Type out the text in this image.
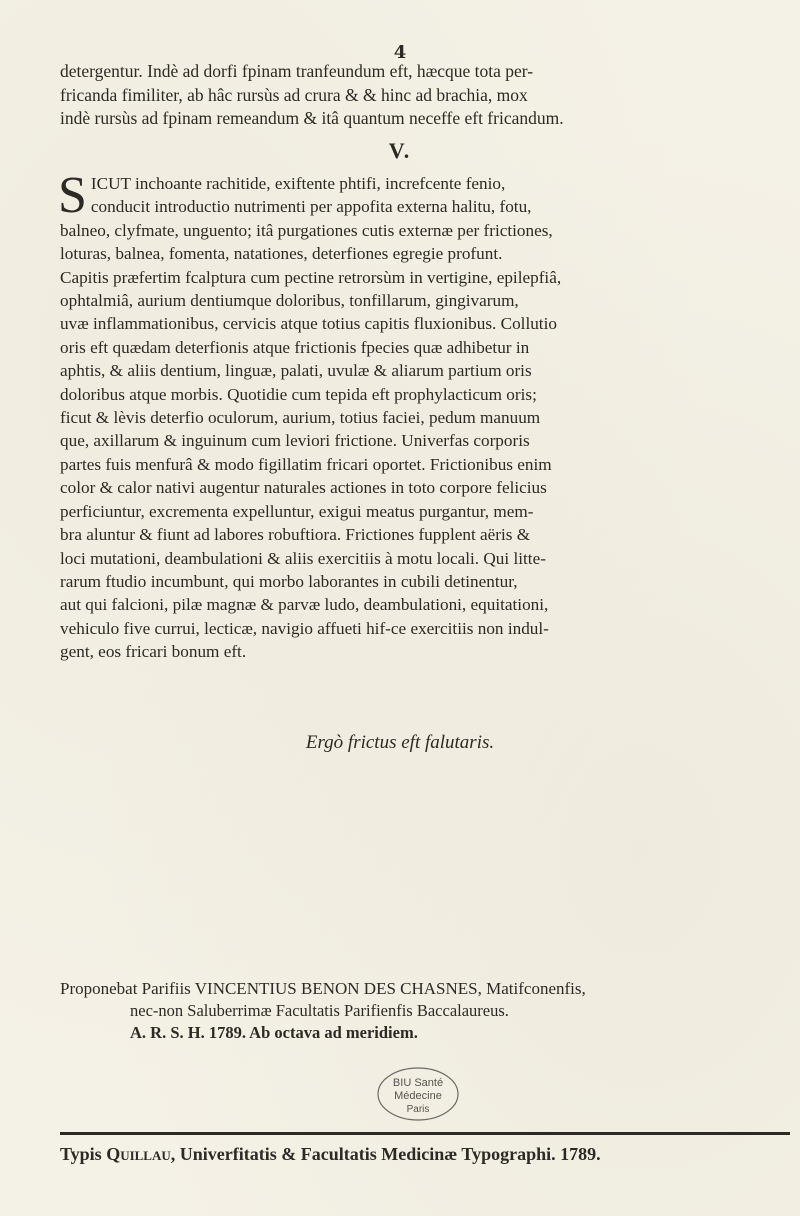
4
detergentur. Indè ad dorfi fpinam tranfeundum eft, hæcque tota per-
fricanda fimiliter, ab hâc rursùs ad crura & & hinc ad brachia, mox
indè rursùs ad fpinam remeandum & itâ quantum neceffe eft fricandum.
V.
S ICUT inchoante rachitide, exiftente phtifi, increfcente fenio,
conducit introductio nutrimenti per appofita externa halitu, fotu,
balneo, clyfmate, unguento; itâ purgationes cutis externæ per frictiones,
loturas, balnea, fomenta, natationes, deterfiones egregie profunt.
Capitis præfertim fcalptura cum pectine retrorsùm in vertigine, epilepfiâ,
ophtalmiâ, aurium dentiumque doloribus, tonfillarum, gingivarum,
uvæ inflammationibus, cervicis atque totius capitis fluxionibus. Collutio
oris eft quædam deterfionis atque frictionis fpecies quæ adhibetur in
aphtis, & aliis dentium, linguæ, palati, uvulæ & aliarum partium oris
doloribus atque morbis. Quotidie cum tepida eft prophylacticum oris;
ficut & lèvis deterfio oculorum, aurium, totius faciei, pedum manuum
que, axillarum & inguinum cum leviori frictione. Univerfas corporis
partes fuis menfurâ & modo figillatim fricari oportet. Frictionibus enim
color & calor nativi augentur naturales actiones in toto corpore felicius
perficiuntur, excrementa expelluntur, exigui meatus purgantur, mem-
bra aluntur & fiunt ad labores robuftiora. Frictiones fupplent aëris &
loci mutationi, deambulationi & aliis exercitiis à motu locali. Qui litte-
rarum ftudio incumbunt, qui morbo laborantes in cubili detinentur,
aut qui falcioni, pilæ magnæ & parvæ ludo, deambulationi, equitationi,
vehiculo five currui, lecticæ, navigio affueti hif-ce exercitiis non indul-
gent, eos fricari bonum eft.
Ergò frictus eft falutaris.
Proponebat Parifiis VINCENTIUS BENON DES CHASNES, Matifconenfis,
nec-non Saluberrimæ Facultatis Parifienfis Baccalaureus.
A. R. S. H. 1789. Ab octava ad meridiem.
BIU Santé
Médecine
Paris
Typis Quillau, Univerfitatis & Facultatis Medicinæ Typographi. 1789.
